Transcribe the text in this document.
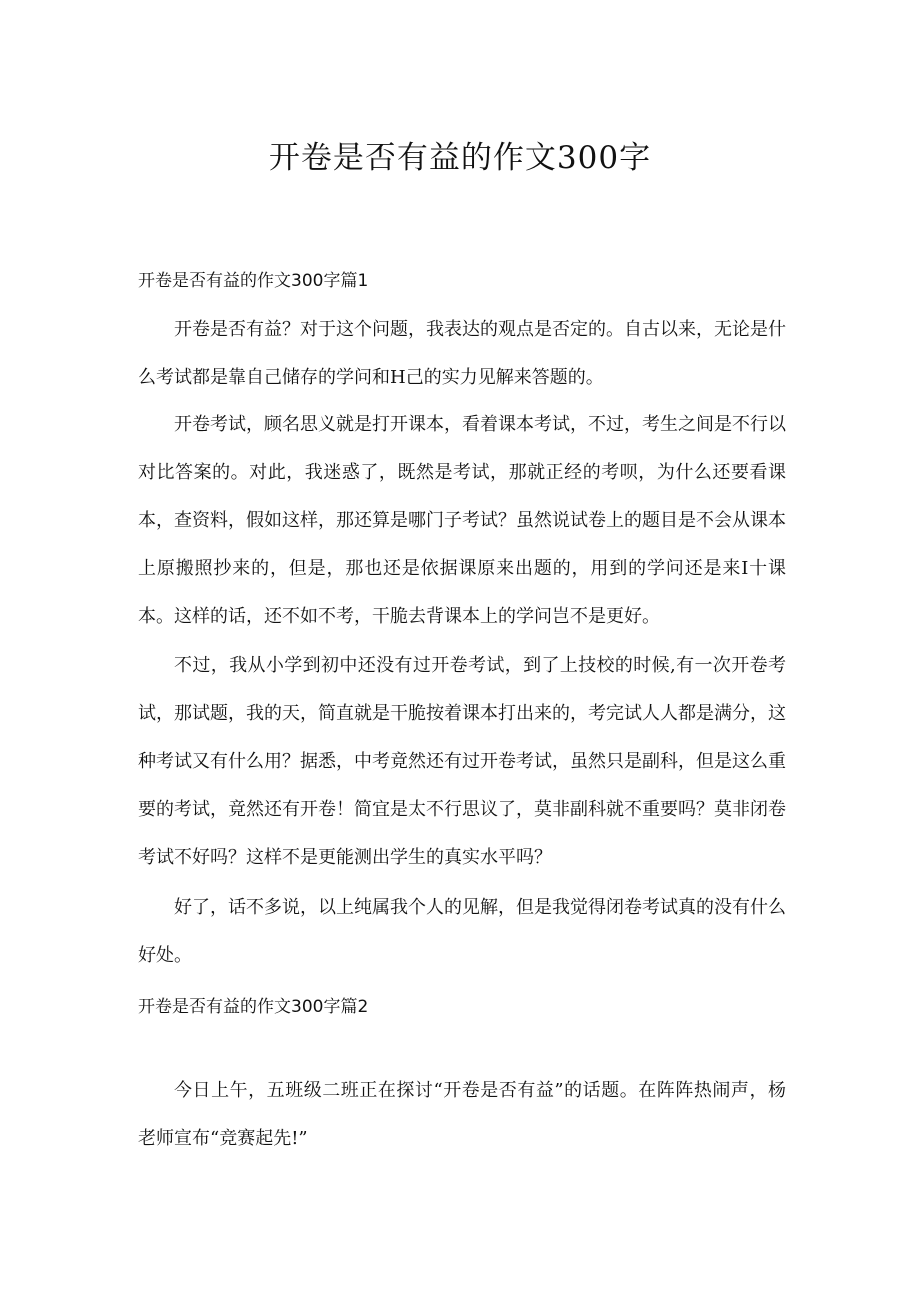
开卷是否有益的作文300字
开卷是否有益的作文300字篇1

开卷是否有益？对于这个问题，我表达的观点是否定的。自古以来，无论是什么考试都是靠自己储存的学问和H己的实力见解来答题的。

开卷考试，顾名思义就是打开课本，看着课本考试，不过，考生之间是不行以对比答案的。对此，我迷惑了，既然是考试，那就正经的考呗，为什么还要看课本，查资料，假如这样，那还算是哪门子考试？虽然说试卷上的题目是不会从课本上原搬照抄来的，但是，那也还是依据课原来出题的，用到的学问还是来I十课本。这样的话，还不如不考，干脆去背课本上的学问岂不是更好。

不过，我从小学到初中还没有过开卷考试，到了上技校的时候,有一次开卷考试，那试题，我的天，简直就是干脆按着课本打出来的，考完试人人都是满分，这种考试又有什么用？据悉，中考竟然还有过开卷考试，虽然只是副科，但是这么重要的考试，竟然还有开卷！简宜是太不行思议了，莫非副科就不重要吗？莫非闭卷考试不好吗？这样不是更能测出学生的真实水平吗？

好了，话不多说，以上纯属我个人的见解，但是我觉得闭卷考试真的没有什么好处。

开卷是否有益的作文300字篇2

今日上午，五班级二班正在探讨“开卷是否有益”的话题。在阵阵热闹声，杨老师宣布“竞赛起先!”
